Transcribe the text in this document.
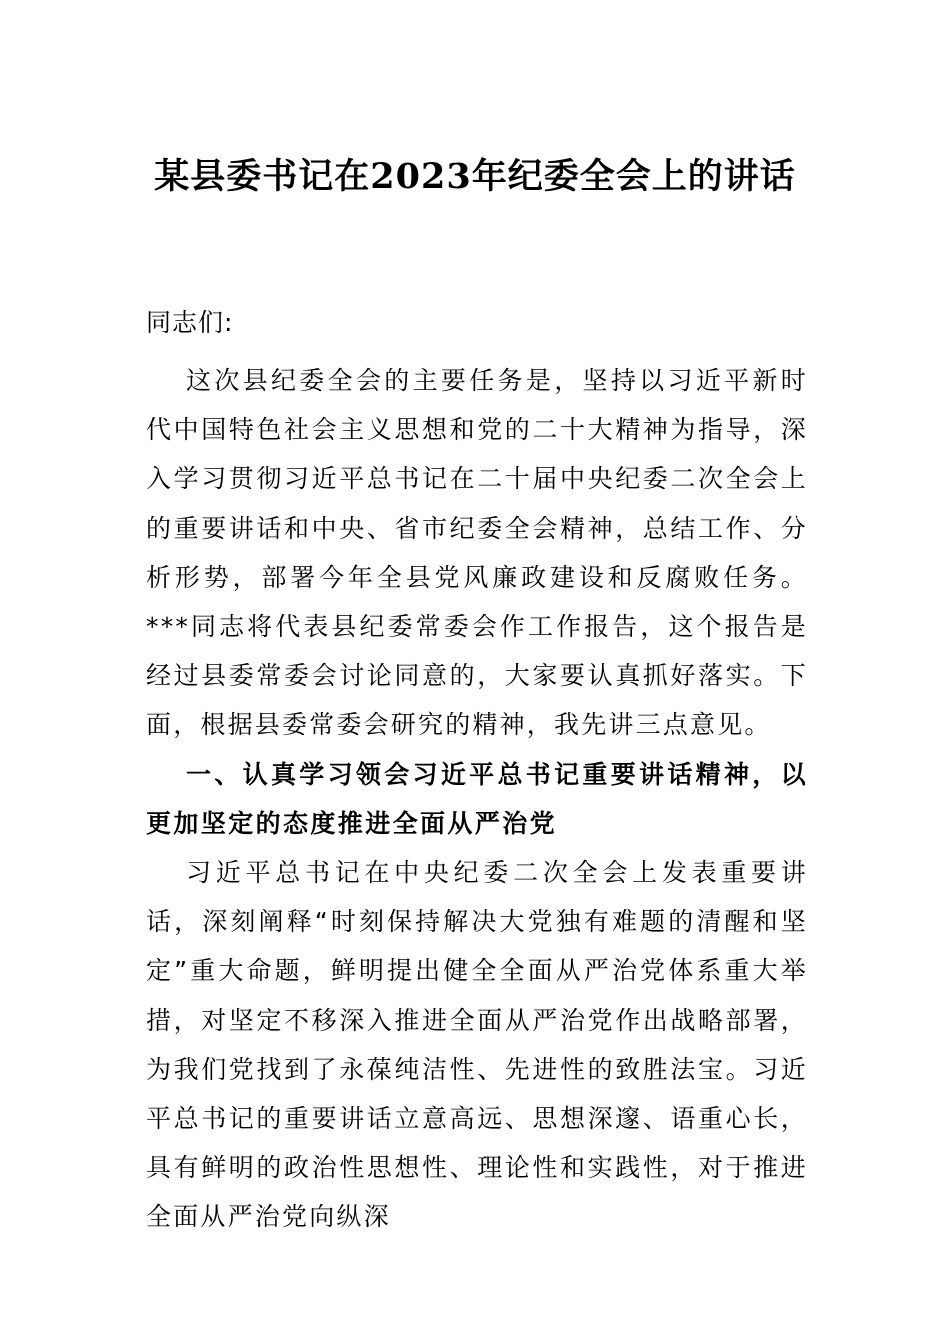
某县委书记在2023年纪委全会上的讲话
同志们:
这次县纪委全会的主要任务是，坚持以习近平新时代中国特色社会主义思想和党的二十大精神为指导，深入学习贯彻习近平总书记在二十届中央纪委二次全会上的重要讲话和中央、省市纪委全会精神，总结工作、分析形势，部署今年全县党风廉政建设和反腐败任务。***同志将代表县纪委常委会作工作报告，这个报告是经过县委常委会讨论同意的，大家要认真抓好落实。下面，根据县委常委会研究的精神，我先讲三点意见。
一、认真学习领会习近平总书记重要讲话精神，以更加坚定的态度推进全面从严治党
习近平总书记在中央纪委二次全会上发表重要讲话，深刻阐释“时刻保持解决大党独有难题的清醒和坚定”重大命题，鲜明提出健全全面从严治党体系重大举措，对坚定不移深入推进全面从严治党作出战略部署，为我们党找到了永葆纯洁性、先进性的致胜法宝。习近平总书记的重要讲话立意高远、思想深邃、语重心长，具有鲜明的政治性思想性、理论性和实践性，对于推进全面从严治党向纵深
